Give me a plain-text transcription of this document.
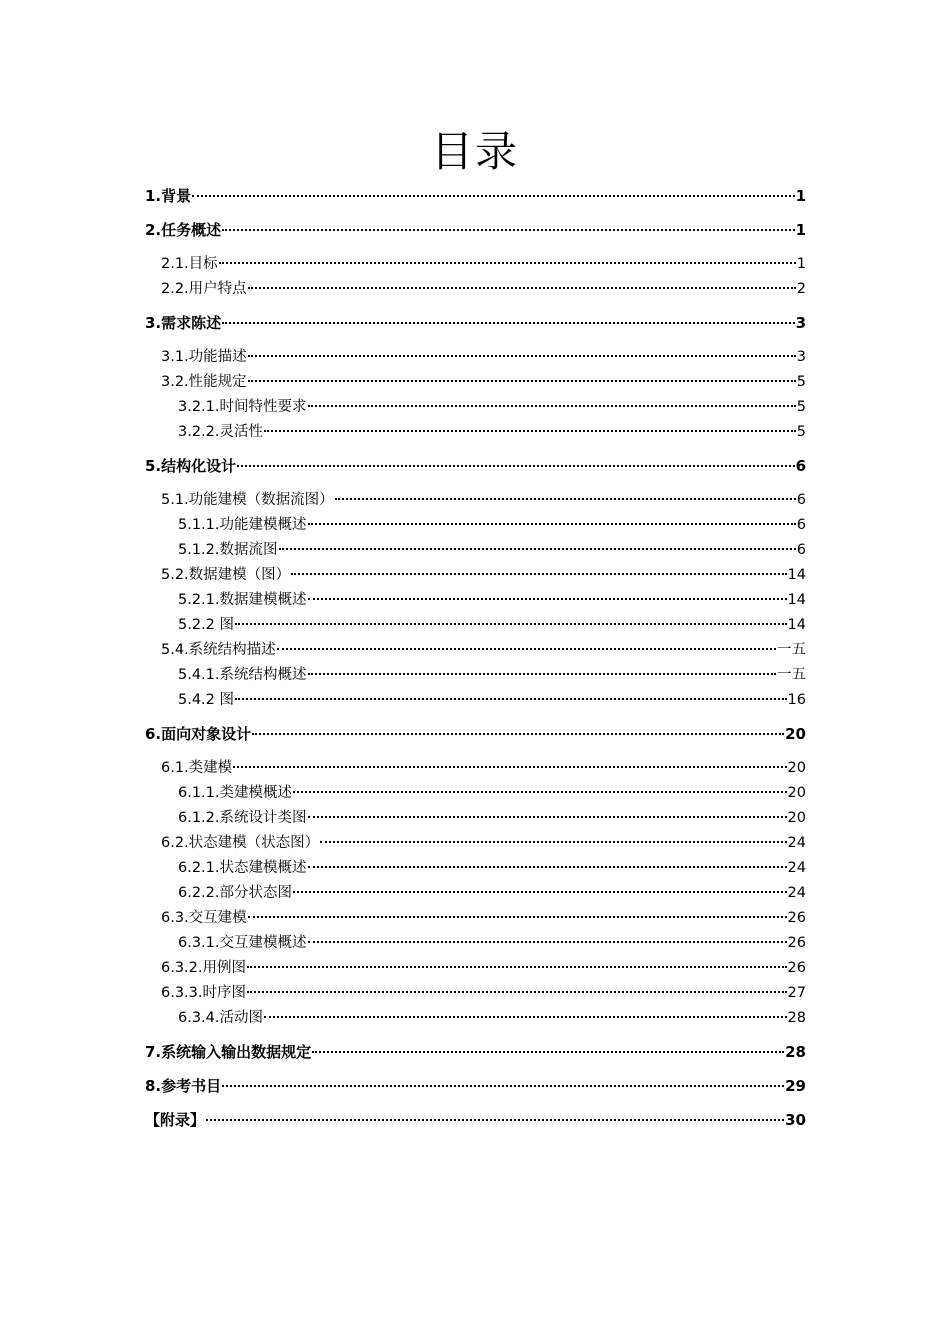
目录
1.背景	1
2.任务概述	1
2.1.目标	1
2.2.用户特点	2
3.需求陈述	3
3.1.功能描述	3
3.2.性能规定	5
3.2.1.时间特性要求	5
3.2.2.灵活性	5
5.结构化设计	6
5.1.功能建模（数据流图）	6
5.1.1.功能建模概述	6
5.1.2.数据流图	6
5.2.数据建模（图）	14
5.2.1.数据建模概述	14
5.2.2 图	14
5.4.系统结构描述	一五
5.4.1.系统结构概述	一五
5.4.2 图	16
6.面向对象设计	20
6.1.类建模	20
6.1.1.类建模概述	20
6.1.2.系统设计类图	20
6.2.状态建模（状态图）	24
6.2.1.状态建模概述	24
6.2.2.部分状态图	24
6.3.交互建模	26
6.3.1.交互建模概述	26
6.3.2.用例图	26
6.3.3.时序图	27
6.3.4.活动图	28
7.系统输入输出数据规定	28
8.参考书目	29
【附录】	30
